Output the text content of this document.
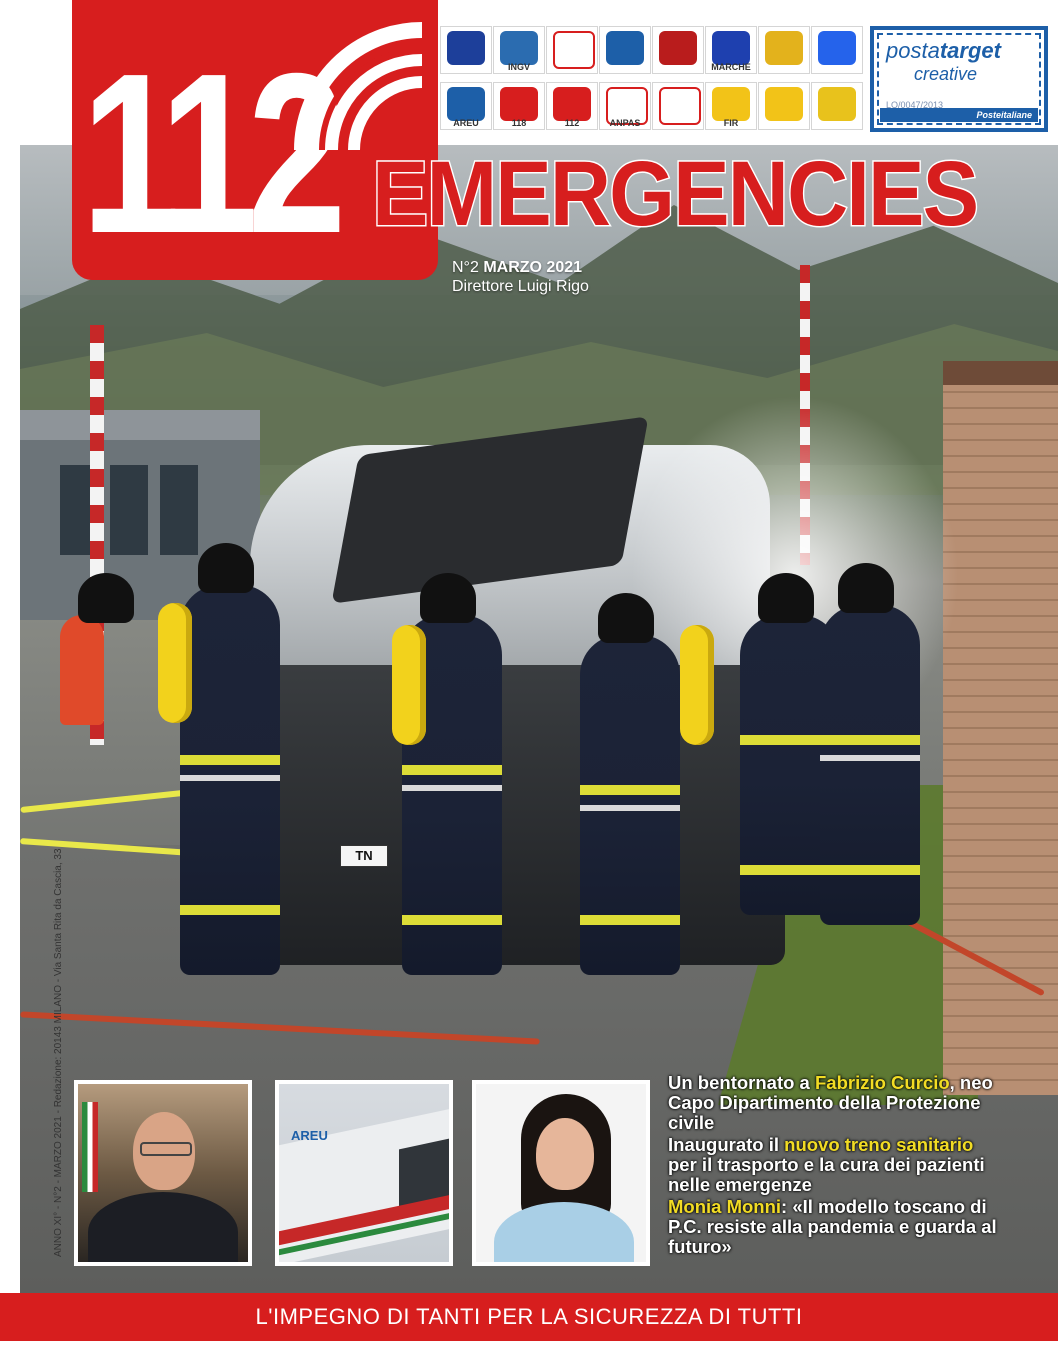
TN
112 EMERGENCIES
N°2 MARZO 2021
Direttore Luigi Rigo
INGV	MARCHE
AREU	118	112	ANPAS	FIR
postatarget
creative
LO/0047/2013
Posteitaliane
ANNO XI° - N°2 - MARZO 2021 - Redazione: 20143 MILANO - Via Santa Rita da Cascia, 33	AREU
Un bentornato a Fabrizio Curcio, neo Capo Dipartimento della Protezione civile
Inaugurato il nuovo treno sanitario per il trasporto e la cura dei pazienti nelle emergenze
Monia Monni: «Il modello toscano di P.C. resiste alla pandemia e guarda al futuro»
L'IMPEGNO DI TANTI PER LA SICUREZZA DI TUTTI
